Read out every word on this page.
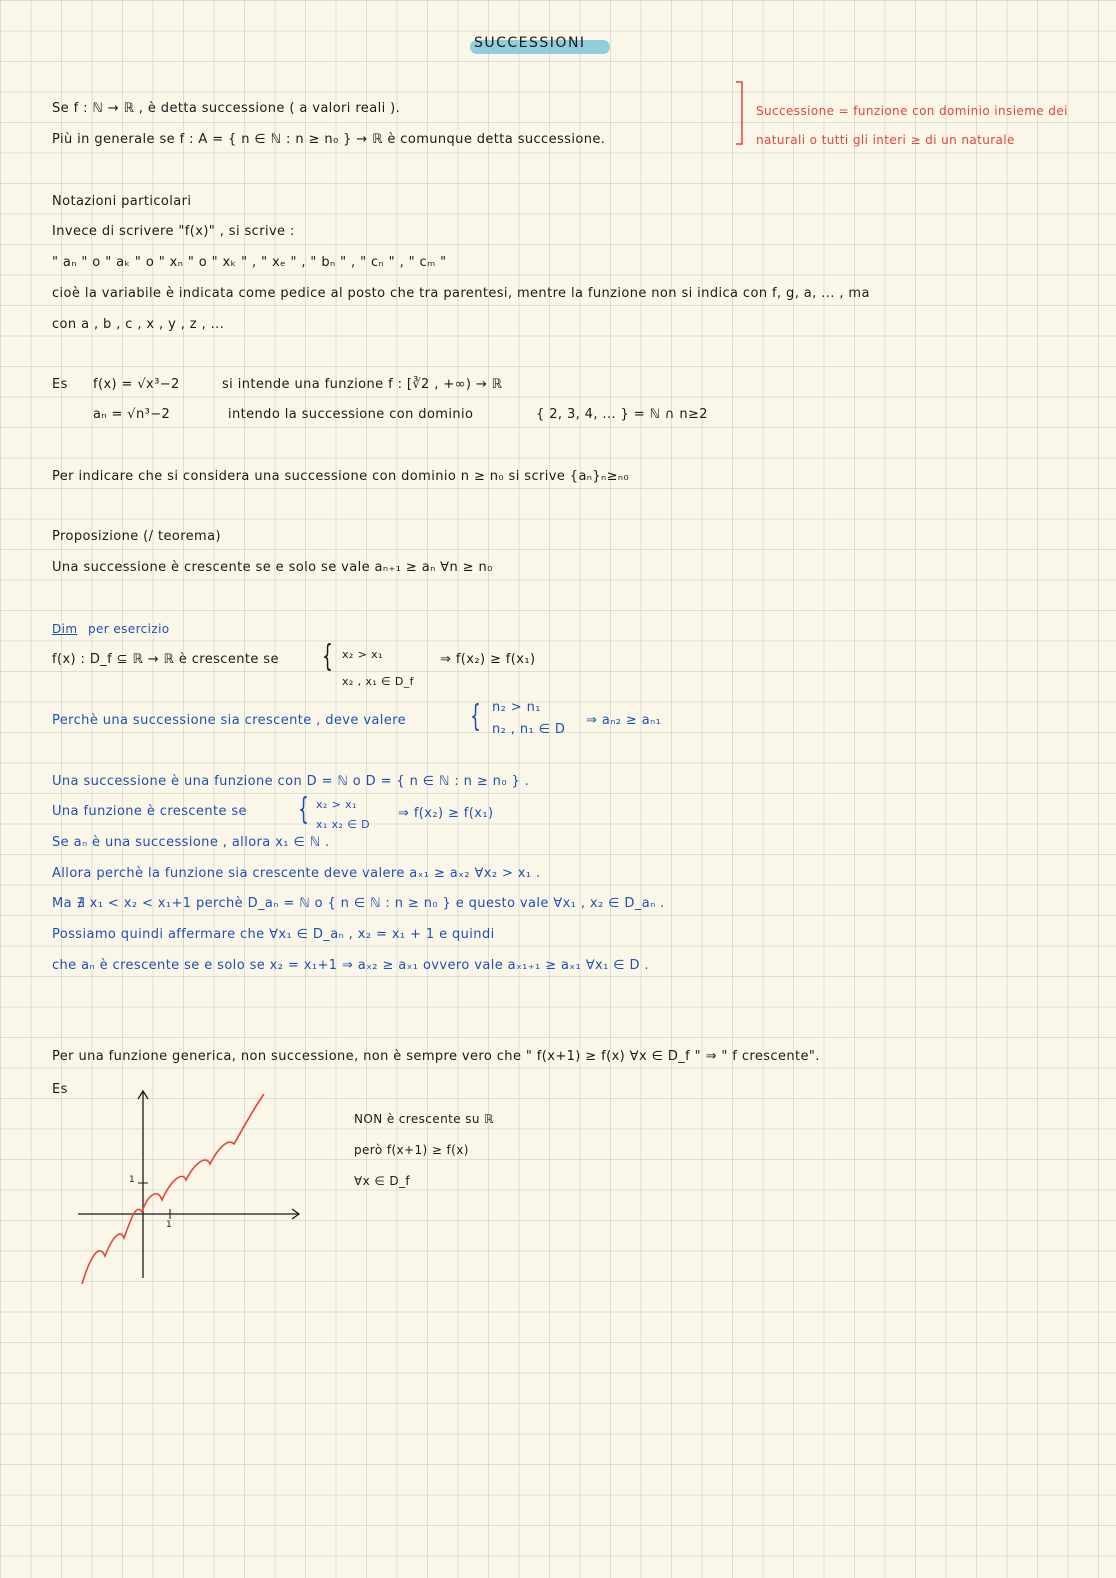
SUCCESSIONI
Se f : ℕ → ℝ , è detta successione ( a valori reali ).
Più in generale se f : A = { n ∈ ℕ : n ≥ n₀ } → ℝ è comunque detta successione.
Successione = funzione con dominio insieme dei
naturali o tutti gli interi ≥ di un naturale
Notazioni particolari
Invece di scrivere "f(x)" , si scrive :
" aₙ " o " aₖ " o " xₙ " o " xₖ " , " xₑ " , " bₙ " , " cₙ " , " cₘ "
cioè la variabile è indicata come pedice al posto che tra parentesi, mentre la funzione non si indica con f, g, a, ... , ma
con a , b , c , x , y , z , ...
Es f(x) = √x³−2	si intende una funzione f : [∛2 , +∞) → ℝ
aₙ = √n³−2	intendo la successione con dominio	{ 2, 3, 4, ... } = ℕ ∩ n≥2
Per indicare che si considera una successione con dominio n ≥ n₀ si scrive {aₙ}ₙ≥ₙ₀
Proposizione (/ teorema)
Una successione è crescente se e solo se vale aₙ₊₁ ≥ aₙ ∀n ≥ n₀
Dim per esercizio
f(x) : D_f ⊆ ℝ → ℝ è crescente se { x₂ > x₁
x₂ , x₁ ∈ D_f
⇒ f(x₂) ≥ f(x₁)
Perchè una successione sia crescente , deve valere { n₂ > n₁
n₂ , n₁ ∈ D
⇒ aₙ₂ ≥ aₙ₁
Una successione è una funzione con D = ℕ o D = { n ∈ ℕ : n ≥ n₀ } .
Una funzione è crescente se { x₂ > x₁
x₁ x₂ ∈ D
⇒ f(x₂) ≥ f(x₁)
Se aₙ è una successione , allora x₁ ∈ ℕ .
Allora perchè la funzione sia crescente deve valere aₓ₁ ≥ aₓ₂ ∀x₂ > x₁ .
Ma ∄ x₁ < x₂ < x₁+1 perchè D_aₙ = ℕ o { n ∈ ℕ : n ≥ n₀ } e questo vale ∀x₁ , x₂ ∈ D_aₙ .
Possiamo quindi affermare che ∀x₁ ∈ D_aₙ , x₂ = x₁ + 1 e quindi
che aₙ è crescente se e solo se x₂ = x₁+1 ⇒ aₓ₂ ≥ aₓ₁ ovvero vale aₓ₁₊₁ ≥ aₓ₁ ∀x₁ ∈ D .
Per una funzione generica, non successione, non è sempre vero che " f(x+1) ≥ f(x) ∀x ∈ D_f " ⇒ " f crescente".
Es
1
1
NON è crescente su ℝ
però f(x+1) ≥ f(x)
∀x ∈ D_f
